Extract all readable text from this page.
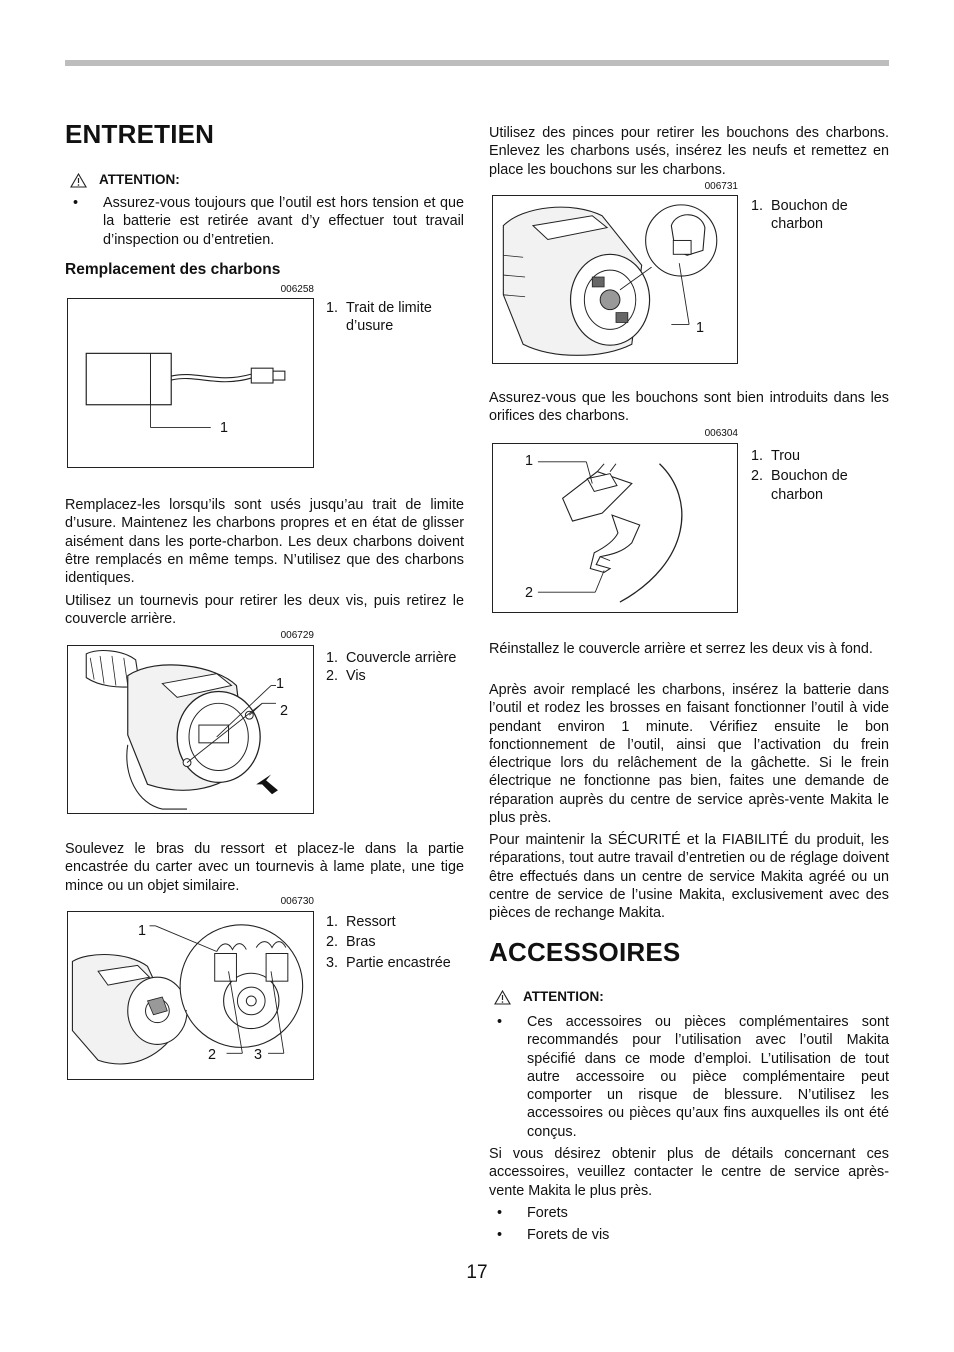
ENTRETIEN
ATTENTION:
•	Assurez-vous toujours que l’outil est hors tension et que la batterie est retirée avant d’y effectuer tout travail d’inspection ou d’entretien.
Remplacement des charbons
006258
1
1. Trait de limite d’usure
Remplacez-les lorsqu’ils sont usés jusqu’au trait de limite d’usure. Maintenez les charbons propres et en état de glisser aisément dans les porte-charbon. Les deux charbons doivent être remplacés en même temps. N’utilisez que des charbons identiques.
Utilisez un tournevis pour retirer les deux vis, puis retirez le couvercle arrière.
006729
1
2
1. Couvercle arrière
2. Vis
Soulevez le bras du ressort et placez-le dans la partie encastrée du carter avec un tournevis à lame plate, une tige mince ou un objet similaire.
006730
1
2	3
1. Ressort
2. Bras
3. Partie encastrée
Utilisez des pinces pour retirer les bouchons des charbons. Enlevez les charbons usés, insérez les neufs et remettez en place les bouchons sur les charbons.
006731
1
1. Bouchon de charbon
Assurez-vous que les bouchons sont bien introduits dans les orifices des charbons.
006304
1
2
1. Trou
2. Bouchon de charbon
Réinstallez le couvercle arrière et serrez les deux vis à fond.
Après avoir remplacé les charbons, insérez la batterie dans l’outil et rodez les brosses en faisant fonctionner l’outil à vide pendant environ 1 minute. Vérifiez ensuite le bon fonctionnement de l’outil, ainsi que l’activation du frein électrique lors du relâchement de la gâchette. Si le frein électrique ne fonctionne pas bien, faites une demande de réparation auprès du centre de service après-vente Makita le plus près.
Pour maintenir la SÉCURITÉ et la FIABILITÉ du produit, les réparations, tout autre travail d’entretien ou de réglage doivent être effectués dans un centre de service Makita agréé ou un centre de service de l’usine Makita, exclusivement avec des pièces de rechange Makita.
ACCESSOIRES
ATTENTION:
•	Ces accessoires ou pièces complémentaires sont recommandés pour l’utilisation avec l’outil Makita spécifié dans ce mode d’emploi. L’utilisation de tout autre accessoire ou pièce complémentaire peut comporter un risque de blessure. N’utilisez les accessoires ou pièces qu’aux fins auxquelles ils ont été conçus.
Si vous désirez obtenir plus de détails concernant ces accessoires, veuillez contacter le centre de service après-vente Makita le plus près.
•	Forets
•	Forets de vis
17
